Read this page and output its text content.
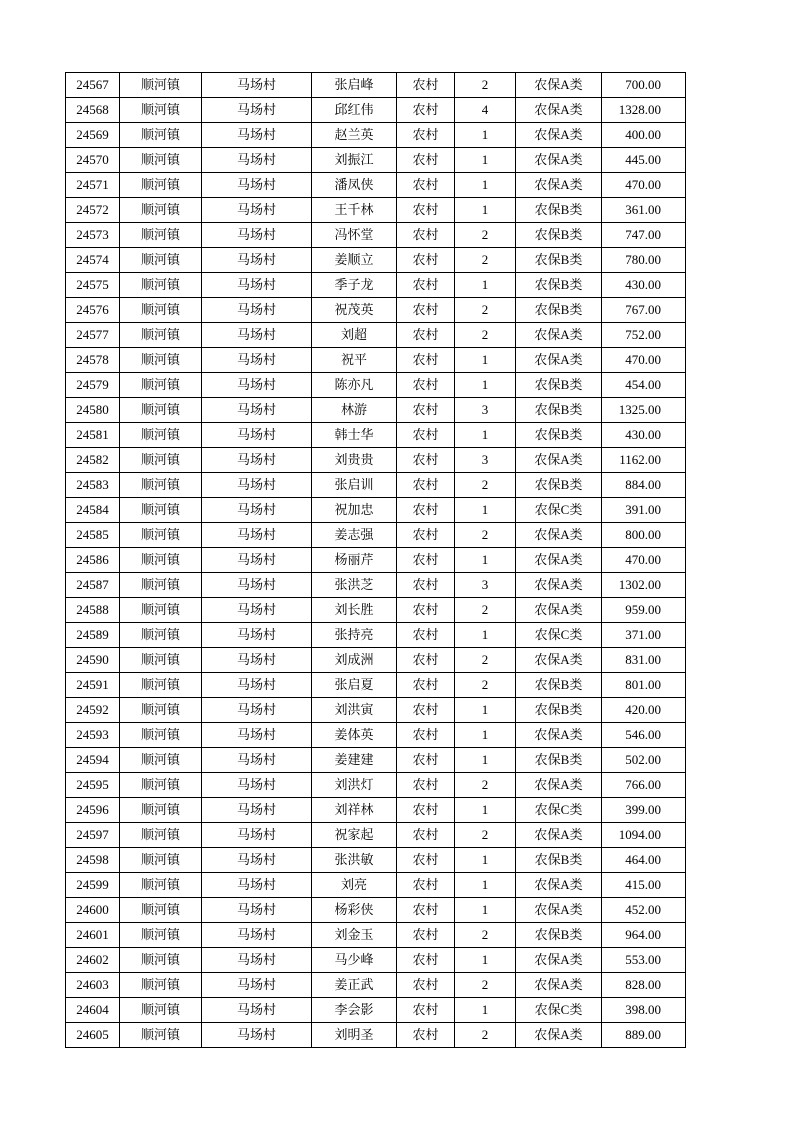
24567	顺河镇	马场村	张启峰	农村	2	农保A类	700.00
24568	顺河镇	马场村	邱红伟	农村	4	农保A类	1328.00
24569	顺河镇	马场村	赵兰英	农村	1	农保A类	400.00
24570	顺河镇	马场村	刘振江	农村	1	农保A类	445.00
24571	顺河镇	马场村	潘凤侠	农村	1	农保A类	470.00
24572	顺河镇	马场村	王千林	农村	1	农保B类	361.00
24573	顺河镇	马场村	冯怀堂	农村	2	农保B类	747.00
24574	顺河镇	马场村	姜顺立	农村	2	农保B类	780.00
24575	顺河镇	马场村	季子龙	农村	1	农保B类	430.00
24576	顺河镇	马场村	祝茂英	农村	2	农保B类	767.00
24577	顺河镇	马场村	刘超	农村	2	农保A类	752.00
24578	顺河镇	马场村	祝平	农村	1	农保A类	470.00
24579	顺河镇	马场村	陈亦凡	农村	1	农保B类	454.00
24580	顺河镇	马场村	林游	农村	3	农保B类	1325.00
24581	顺河镇	马场村	韩士华	农村	1	农保B类	430.00
24582	顺河镇	马场村	刘贵贵	农村	3	农保A类	1162.00
24583	顺河镇	马场村	张启训	农村	2	农保B类	884.00
24584	顺河镇	马场村	祝加忠	农村	1	农保C类	391.00
24585	顺河镇	马场村	姜志强	农村	2	农保A类	800.00
24586	顺河镇	马场村	杨丽芹	农村	1	农保A类	470.00
24587	顺河镇	马场村	张洪芝	农村	3	农保A类	1302.00
24588	顺河镇	马场村	刘长胜	农村	2	农保A类	959.00
24589	顺河镇	马场村	张持亮	农村	1	农保C类	371.00
24590	顺河镇	马场村	刘成洲	农村	2	农保A类	831.00
24591	顺河镇	马场村	张启夏	农村	2	农保B类	801.00
24592	顺河镇	马场村	刘洪寅	农村	1	农保B类	420.00
24593	顺河镇	马场村	姜体英	农村	1	农保A类	546.00
24594	顺河镇	马场村	姜建建	农村	1	农保B类	502.00
24595	顺河镇	马场村	刘洪灯	农村	2	农保A类	766.00
24596	顺河镇	马场村	刘祥林	农村	1	农保C类	399.00
24597	顺河镇	马场村	祝家起	农村	2	农保A类	1094.00
24598	顺河镇	马场村	张洪敏	农村	1	农保B类	464.00
24599	顺河镇	马场村	刘亮	农村	1	农保A类	415.00
24600	顺河镇	马场村	杨彩侠	农村	1	农保A类	452.00
24601	顺河镇	马场村	刘金玉	农村	2	农保B类	964.00
24602	顺河镇	马场村	马少峰	农村	1	农保A类	553.00
24603	顺河镇	马场村	姜正武	农村	2	农保A类	828.00
24604	顺河镇	马场村	李会影	农村	1	农保C类	398.00
24605	顺河镇	马场村	刘明圣	农村	2	农保A类	889.00
